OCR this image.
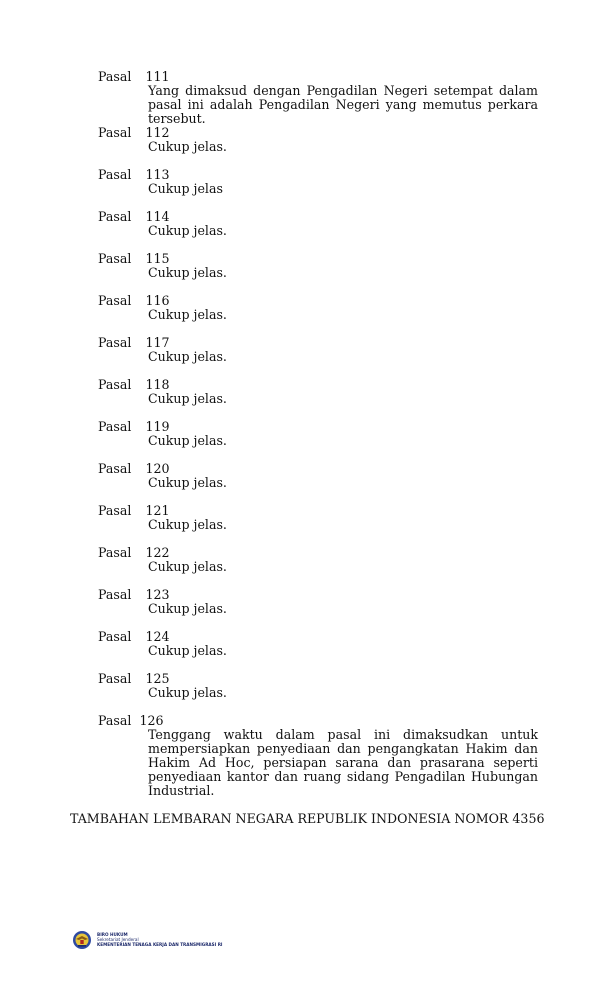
Pasal 111
Yang dimaksud dengan Pengadilan Negeri setempat dalam pasal ini adalah Pengadilan Negeri yang memutus perkara tersebut.
Pasal 112
Cukup jelas.
Pasal 113
Cukup jelas
Pasal 114
Cukup jelas.
Pasal 115
Cukup jelas.
Pasal 116
Cukup jelas.
Pasal 117
Cukup jelas.
Pasal 118
Cukup jelas.
Pasal 119
Cukup jelas.
Pasal 120
Cukup jelas.
Pasal 121
Cukup jelas.
Pasal 122
Cukup jelas.
Pasal 123
Cukup jelas.
Pasal 124
Cukup jelas.
Pasal 125
Cukup jelas.
Pasal 126
Tenggang waktu dalam pasal ini dimaksudkan untuk mempersiapkan penyediaan dan pengangkatan Hakim dan Hakim Ad Hoc, persiapan sarana dan prasarana seperti penyediaan kantor dan ruang sidang Pengadilan Hubungan Industrial.
TAMBAHAN LEMBARAN NEGARA REPUBLIK INDONESIA NOMOR 4356
BIRO HUKUM
Sekretariat Jenderal
KEMENTERIAN TENAGA KERJA DAN TRANSMIGRASI RI
